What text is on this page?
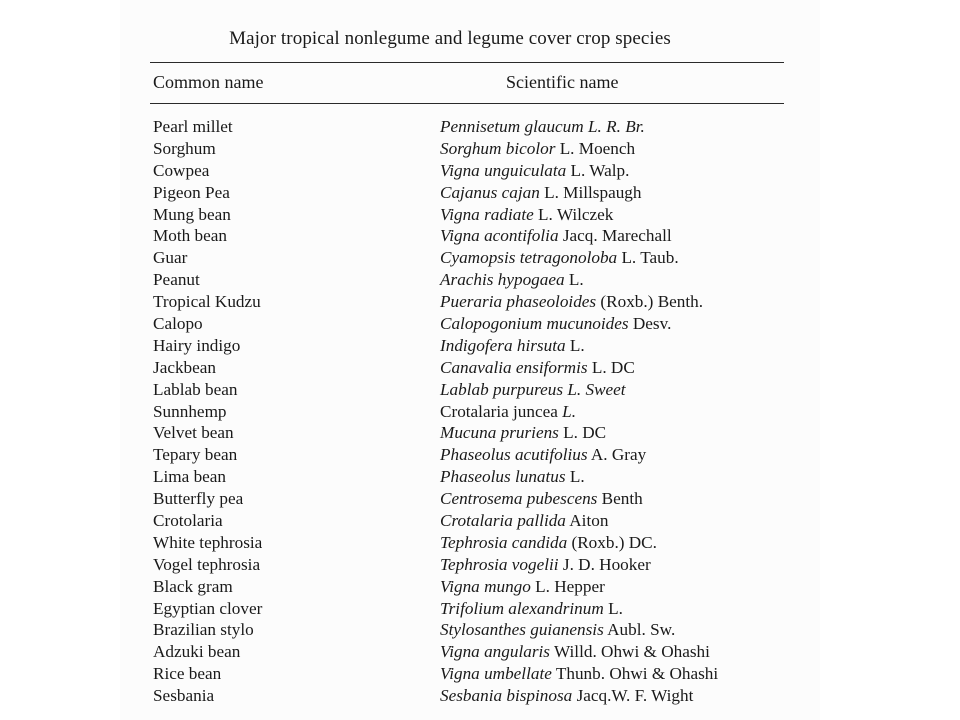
Major tropical nonlegume and legume cover crop species
Common name	Scientific name
Pearl millet	Pennisetum glaucum L. R. Br.
Sorghum	Sorghum bicolor L. Moench
Cowpea	Vigna unguiculata L. Walp.
Pigeon Pea	Cajanus cajan L. Millspaugh
Mung bean	Vigna radiate L. Wilczek
Moth bean	Vigna acontifolia Jacq. Marechall
Guar	Cyamopsis tetragonoloba L. Taub.
Peanut	Arachis hypogaea L.
Tropical Kudzu	Pueraria phaseoloides (Roxb.) Benth.
Calopo	Calopogonium mucunoides Desv.
Hairy indigo	Indigofera hirsuta L.
Jackbean	Canavalia ensiformis L. DC
Lablab bean	Lablab purpureus L. Sweet
Sunnhemp	Crotalaria juncea L.
Velvet bean	Mucuna pruriens L. DC
Tepary bean	Phaseolus acutifolius A. Gray
Lima bean	Phaseolus lunatus L.
Butterfly pea	Centrosema pubescens Benth
Crotolaria	Crotalaria pallida Aiton
White tephrosia	Tephrosia candida (Roxb.) DC.
Vogel tephrosia	Tephrosia vogelii J. D. Hooker
Black gram	Vigna mungo L. Hepper
Egyptian clover	Trifolium alexandrinum L.
Brazilian stylo	Stylosanthes guianensis Aubl. Sw.
Adzuki bean	Vigna angularis Willd. Ohwi & Ohashi
Rice bean	Vigna umbellate Thunb. Ohwi & Ohashi
Sesbania	Sesbania bispinosa Jacq.W. F. Wight
